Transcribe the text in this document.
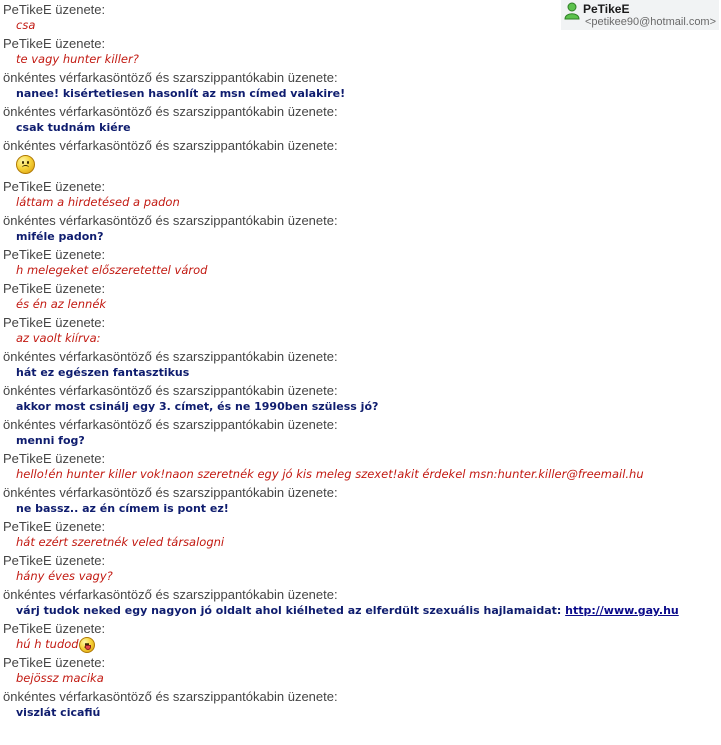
PeTikeE
<petikee90@hotmail.com>
PeTikeE üzenete:
csa
PeTikeE üzenete:
te vagy hunter killer?
önkéntes vérfarkasöntöző és szarszippantókabin üzenete:
nanee! kisértetiesen hasonlít az msn címed valakire!
önkéntes vérfarkasöntöző és szarszippantókabin üzenete:
csak tudnám kiére
önkéntes vérfarkasöntöző és szarszippantókabin üzenete:
PeTikeE üzenete:
láttam a hirdetésed a padon
önkéntes vérfarkasöntöző és szarszippantókabin üzenete:
miféle padon?
PeTikeE üzenete:
h melegeket előszeretettel várod
PeTikeE üzenete:
és én az lennék
PeTikeE üzenete:
az vaolt kiírva:
önkéntes vérfarkasöntöző és szarszippantókabin üzenete:
hát ez egészen fantasztikus
önkéntes vérfarkasöntöző és szarszippantókabin üzenete:
akkor most csinálj egy 3. címet, és ne 1990ben szüless jó?
önkéntes vérfarkasöntöző és szarszippantókabin üzenete:
menni fog?
PeTikeE üzenete:
hello!én hunter killer vok!naon szeretnék egy jó kis meleg szexet!akit érdekel msn:hunter.killer@freemail.hu
önkéntes vérfarkasöntöző és szarszippantókabin üzenete:
ne bassz.. az én címem is pont ez!
PeTikeE üzenete:
hát ezért szeretnék veled társalogni
PeTikeE üzenete:
hány éves vagy?
önkéntes vérfarkasöntöző és szarszippantókabin üzenete:
várj tudok neked egy nagyon jó oldalt ahol kiélheted az elferdült szexuális hajlamaidat: http://www.gay.hu
PeTikeE üzenete:
hú h tudod
PeTikeE üzenete:
bejössz macika
önkéntes vérfarkasöntöző és szarszippantókabin üzenete:
viszlát cicafiú
